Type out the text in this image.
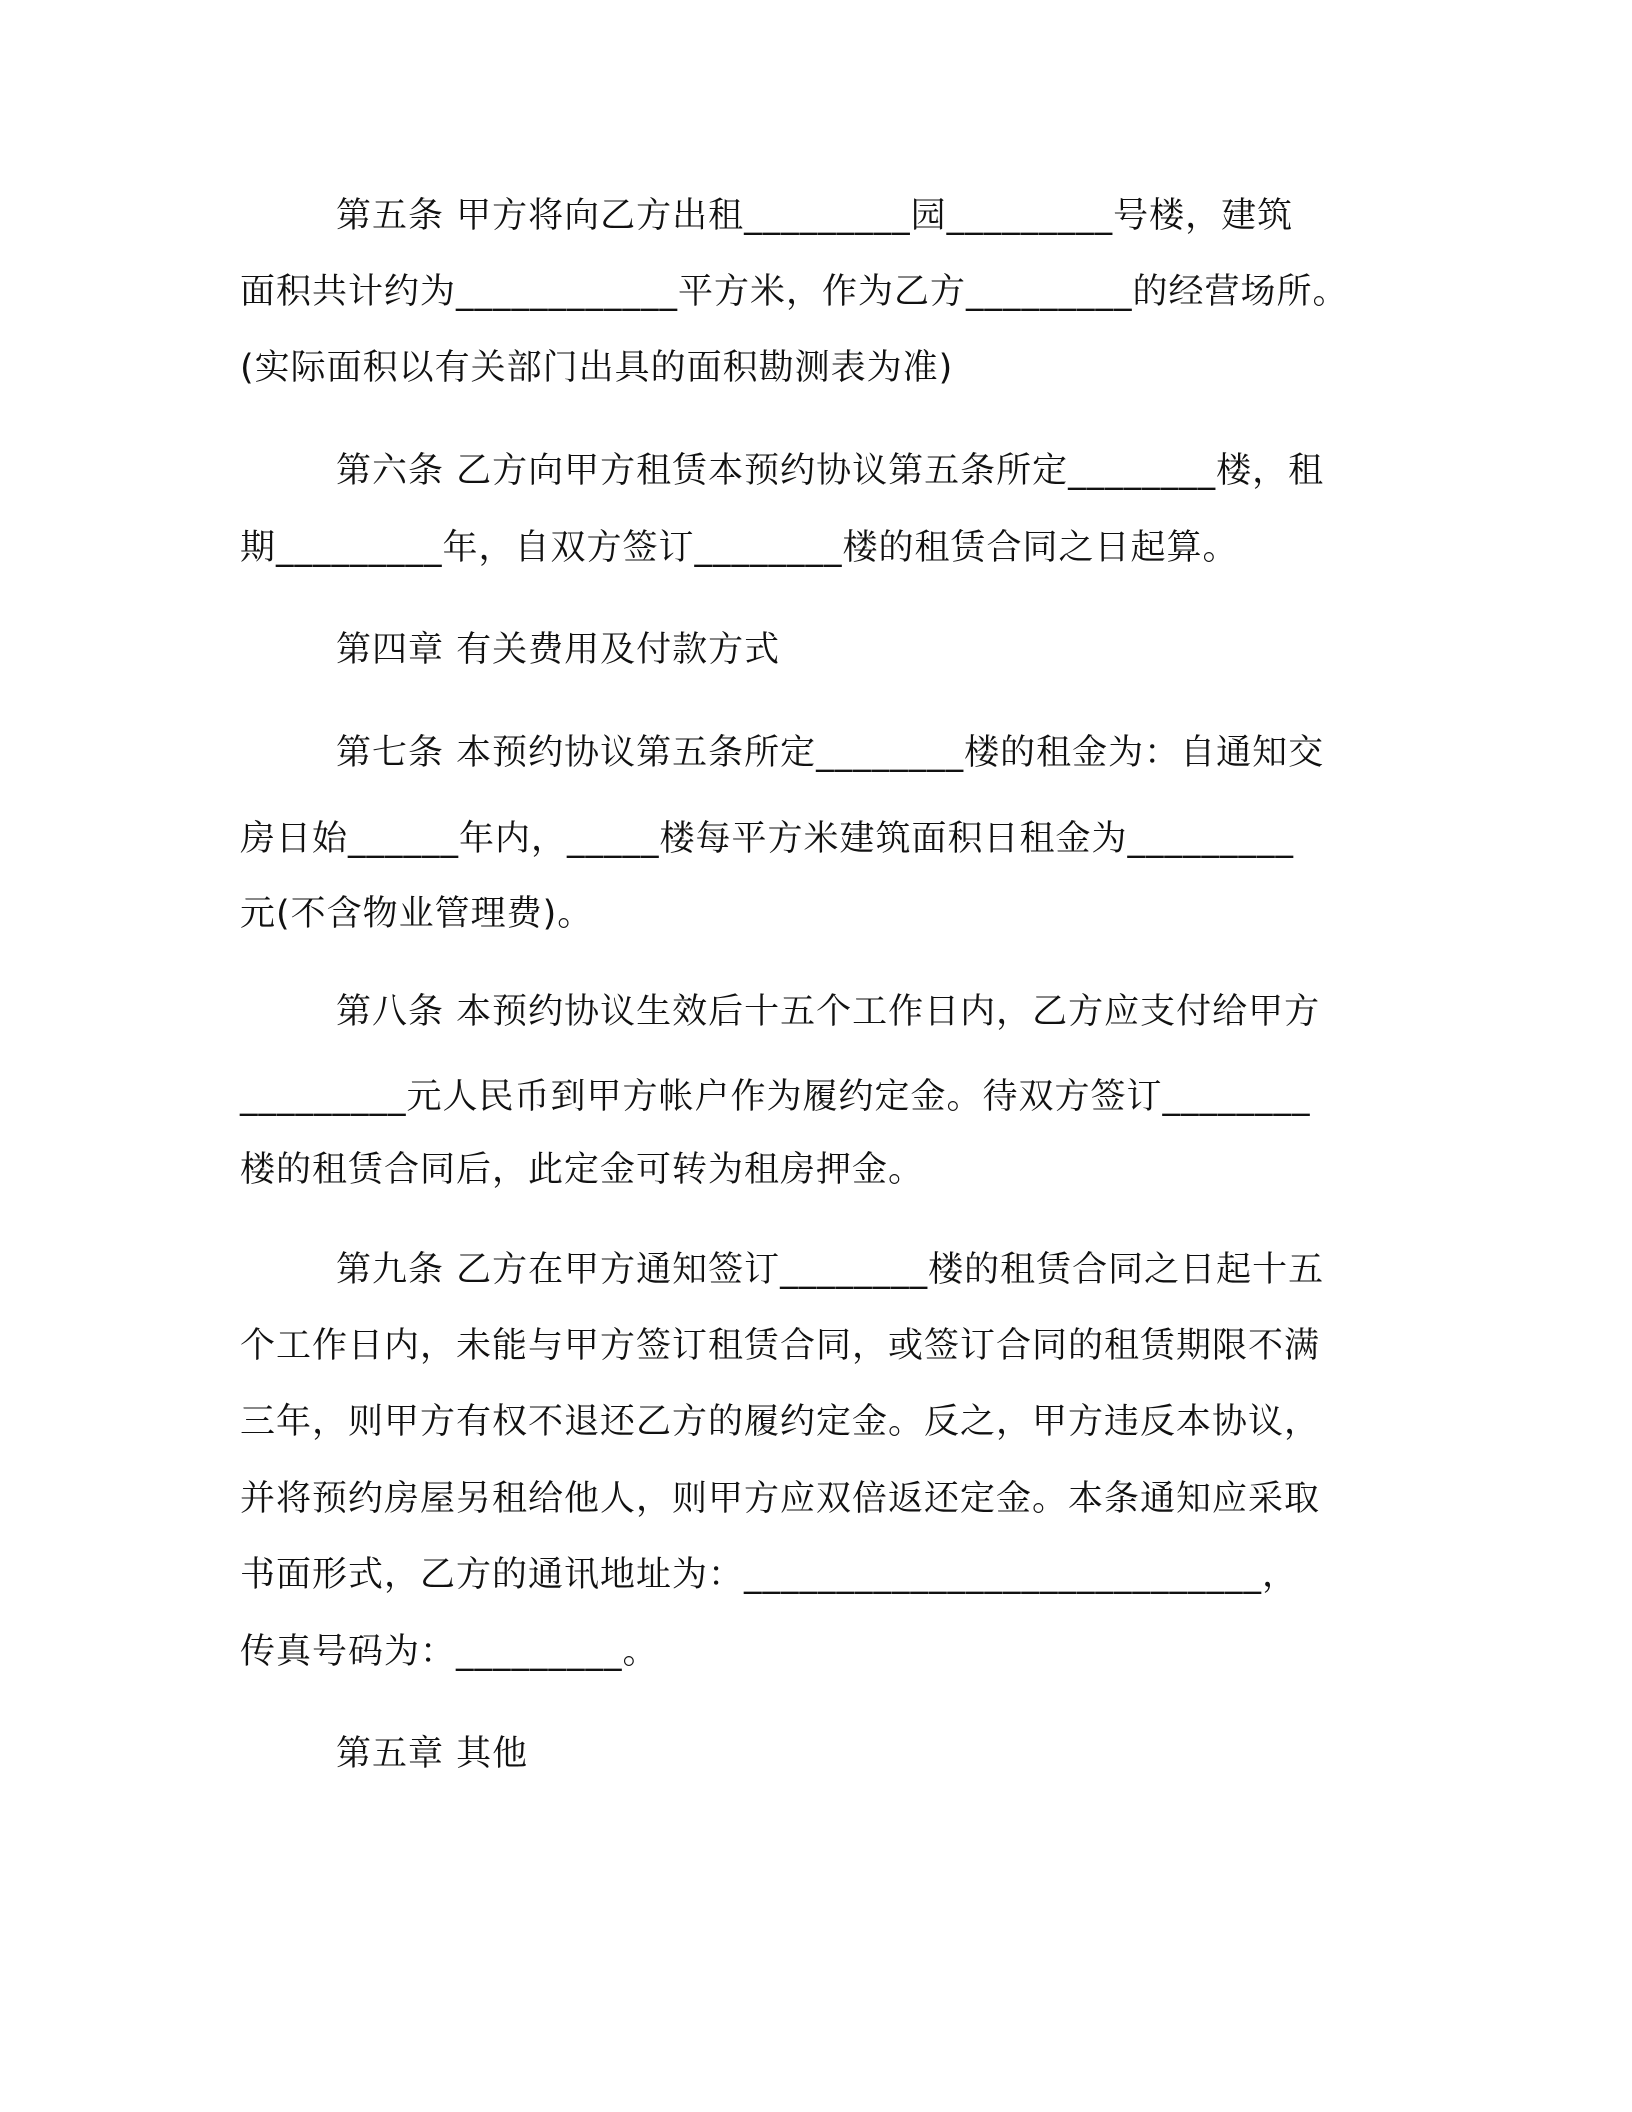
第五条 甲方将向乙方出租_________园_________号楼，建筑
面积共计约为____________平方米，作为乙方_________的经营场所。
(实际面积以有关部门出具的面积勘测表为准)
第六条 乙方向甲方租赁本预约协议第五条所定________楼，租
期_________年，自双方签订________楼的租赁合同之日起算。
第四章 有关费用及付款方式
第七条 本预约协议第五条所定________楼的租金为：自通知交
房日始______年内，_____楼每平方米建筑面积日租金为_________
元(不含物业管理费)。
第八条 本预约协议生效后十五个工作日内，乙方应支付给甲方
_________元人民币到甲方帐户作为履约定金。待双方签订________
楼的租赁合同后，此定金可转为租房押金。
第九条 乙方在甲方通知签订________楼的租赁合同之日起十五
个工作日内，未能与甲方签订租赁合同，或签订合同的租赁期限不满
三年，则甲方有权不退还乙方的履约定金。反之，甲方违反本协议，
并将预约房屋另租给他人，则甲方应双倍返还定金。本条通知应采取
书面形式，乙方的通讯地址为：____________________________，
传真号码为：_________。
第五章 其他
